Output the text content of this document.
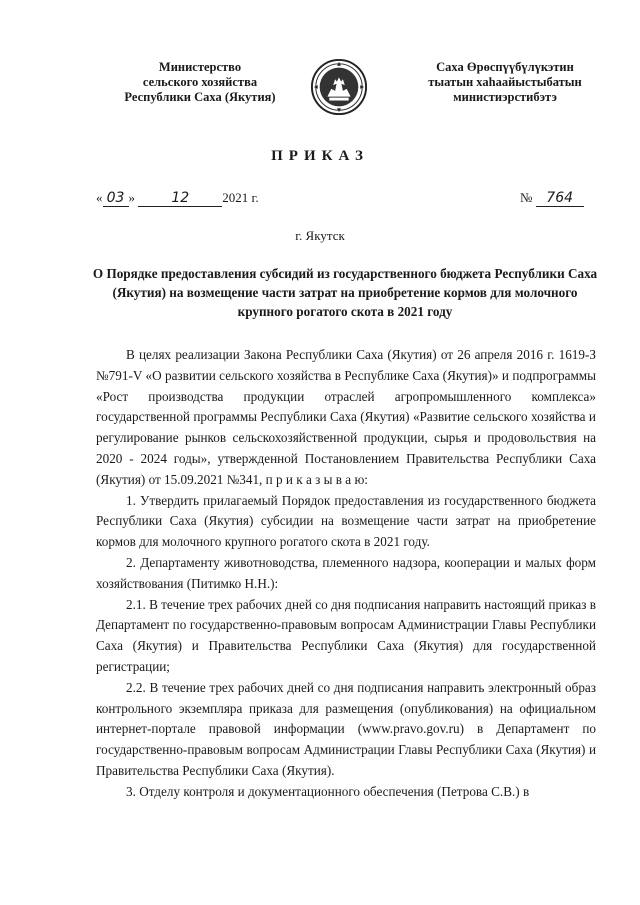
Министерство
сельского хозяйства
Республики Саха (Якутия)
Саха Өрөспүүбүлүкэтин
тыатын хаһаайыстыбатын
министиэрстибэтэ
ПРИКАЗ
« 03 »	12	2021 г.	№ 764
г. Якутск
О Порядке предоставления субсидий из государственного бюджета Республики Саха (Якутия) на возмещение части затрат на приобретение кормов для молочного крупного рогатого скота в 2021 году

В целях реализации Закона Республики Саха (Якутия) от 26 апреля 2016 г. 1619-З №791-V «О развитии сельского хозяйства в Республике Саха (Якутия)» и подпрограммы «Рост производства продукции отраслей агропромышленного комплекса» государственной программы Республики Саха (Якутия) «Развитие сельского хозяйства и регулирование рынков сельскохозяйственной продукции, сырья и продовольствия на 2020 - 2024 годы», утвержденной Постановлением Правительства Республики Саха (Якутия) от 15.09.2021 №341, п р и к а з ы в а ю:

1. Утвердить прилагаемый Порядок предоставления из государственного бюджета Республики Саха (Якутия) субсидии на возмещение части затрат на приобретение кормов для молочного крупного рогатого скота в 2021 году.

2. Департаменту животноводства, племенного надзора, кооперации и малых форм хозяйствования (Питимко Н.Н.):

2.1. В течение трех рабочих дней со дня подписания направить настоящий приказ в Департамент по государственно-правовым вопросам Администрации Главы Республики Саха (Якутия) и Правительства Республики Саха (Якутия) для государственной регистрации;

2.2. В течение трех рабочих дней со дня подписания направить электронный образ контрольного экземпляра приказа для размещения (опубликования) на официальном интернет-портале правовой информации (www.pravo.gov.ru) в Департамент по государственно-правовым вопросам Администрации Главы Республики Саха (Якутия) и Правительства Республики Саха (Якутия).

3. Отделу контроля и документационного обеспечения (Петрова С.В.) в
